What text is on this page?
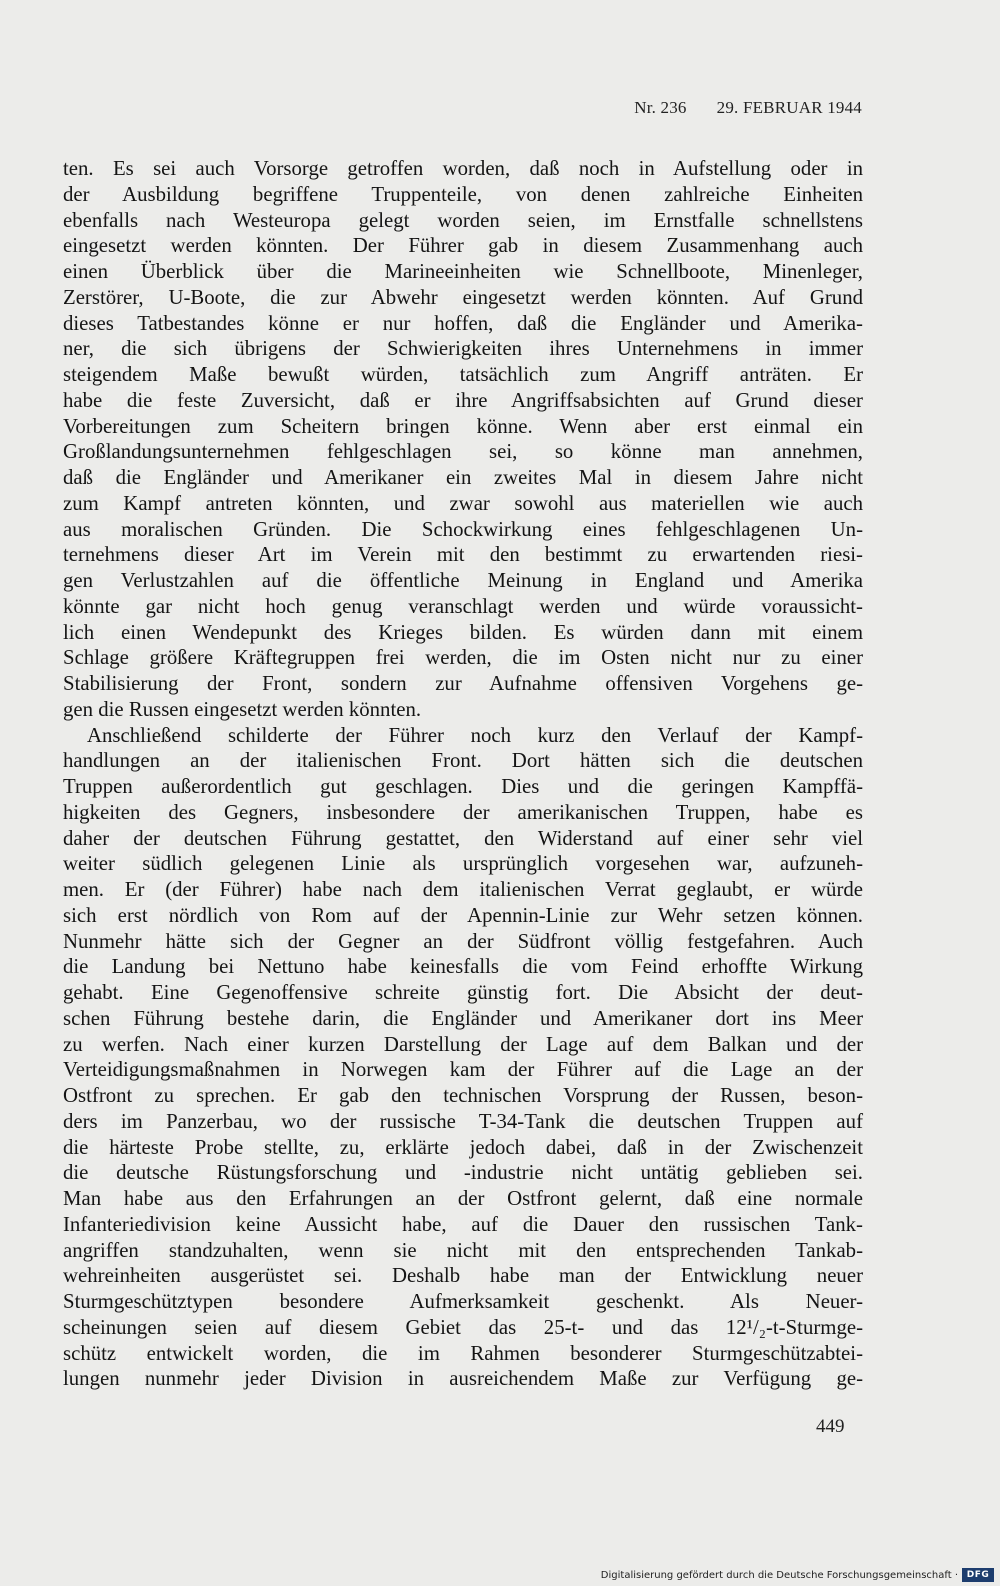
Nr. 236 29. FEBRUAR 1944
ten. Es sei auch Vorsorge getroffen worden, daß noch in Aufstellung oder in
der Ausbildung begriffene Truppenteile, von denen zahlreiche Einheiten
ebenfalls nach Westeuropa gelegt worden seien, im Ernstfalle schnellstens
eingesetzt werden könnten. Der Führer gab in diesem Zusammenhang auch
einen Überblick über die Marineeinheiten wie Schnellboote, Minenleger,
Zerstörer, U-Boote, die zur Abwehr eingesetzt werden könnten. Auf Grund
dieses Tatbestandes könne er nur hoffen, daß die Engländer und Amerika-
ner, die sich übrigens der Schwierigkeiten ihres Unternehmens in immer
steigendem Maße bewußt würden, tatsächlich zum Angriff anträten. Er
habe die feste Zuversicht, daß er ihre Angriffsabsichten auf Grund dieser
Vorbereitungen zum Scheitern bringen könne. Wenn aber erst einmal ein
Großlandungsunternehmen fehlgeschlagen sei, so könne man annehmen,
daß die Engländer und Amerikaner ein zweites Mal in diesem Jahre nicht
zum Kampf antreten könnten, und zwar sowohl aus materiellen wie auch
aus moralischen Gründen. Die Schockwirkung eines fehlgeschlagenen Un-
ternehmens dieser Art im Verein mit den bestimmt zu erwartenden riesi-
gen Verlustzahlen auf die öffentliche Meinung in England und Amerika
könnte gar nicht hoch genug veranschlagt werden und würde voraussicht-
lich einen Wendepunkt des Krieges bilden. Es würden dann mit einem
Schlage größere Kräftegruppen frei werden, die im Osten nicht nur zu einer
Stabilisierung der Front, sondern zur Aufnahme offensiven Vorgehens ge-
gen die Russen eingesetzt werden könnten.
Anschließend schilderte der Führer noch kurz den Verlauf der Kampf-
handlungen an der italienischen Front. Dort hätten sich die deutschen
Truppen außerordentlich gut geschlagen. Dies und die geringen Kampffä-
higkeiten des Gegners, insbesondere der amerikanischen Truppen, habe es
daher der deutschen Führung gestattet, den Widerstand auf einer sehr viel
weiter südlich gelegenen Linie als ursprünglich vorgesehen war, aufzuneh-
men. Er (der Führer) habe nach dem italienischen Verrat geglaubt, er würde
sich erst nördlich von Rom auf der Apennin-Linie zur Wehr setzen können.
Nunmehr hätte sich der Gegner an der Südfront völlig festgefahren. Auch
die Landung bei Nettuno habe keinesfalls die vom Feind erhoffte Wirkung
gehabt. Eine Gegenoffensive schreite günstig fort. Die Absicht der deut-
schen Führung bestehe darin, die Engländer und Amerikaner dort ins Meer
zu werfen. Nach einer kurzen Darstellung der Lage auf dem Balkan und der
Verteidigungsmaßnahmen in Norwegen kam der Führer auf die Lage an der
Ostfront zu sprechen. Er gab den technischen Vorsprung der Russen, beson-
ders im Panzerbau, wo der russische T-34-Tank die deutschen Truppen auf
die härteste Probe stellte, zu, erklärte jedoch dabei, daß in der Zwischenzeit
die deutsche Rüstungsforschung und -industrie nicht untätig geblieben sei.
Man habe aus den Erfahrungen an der Ostfront gelernt, daß eine normale
Infanteriedivision keine Aussicht habe, auf die Dauer den russischen Tank-
angriffen standzuhalten, wenn sie nicht mit den entsprechenden Tankab-
wehreinheiten ausgerüstet sei. Deshalb habe man der Entwicklung neuer
Sturmgeschütztypen besondere Aufmerksamkeit geschenkt. Als Neuer-
scheinungen seien auf diesem Gebiet das 25-t- und das 12¹/₂-t-Sturmge-
schütz entwickelt worden, die im Rahmen besonderer Sturmgeschützabtei-
lungen nunmehr jeder Division in ausreichendem Maße zur Verfügung ge-
449
Digitalisierung gefördert durch die Deutsche Forschungsgemeinschaft · DFG
